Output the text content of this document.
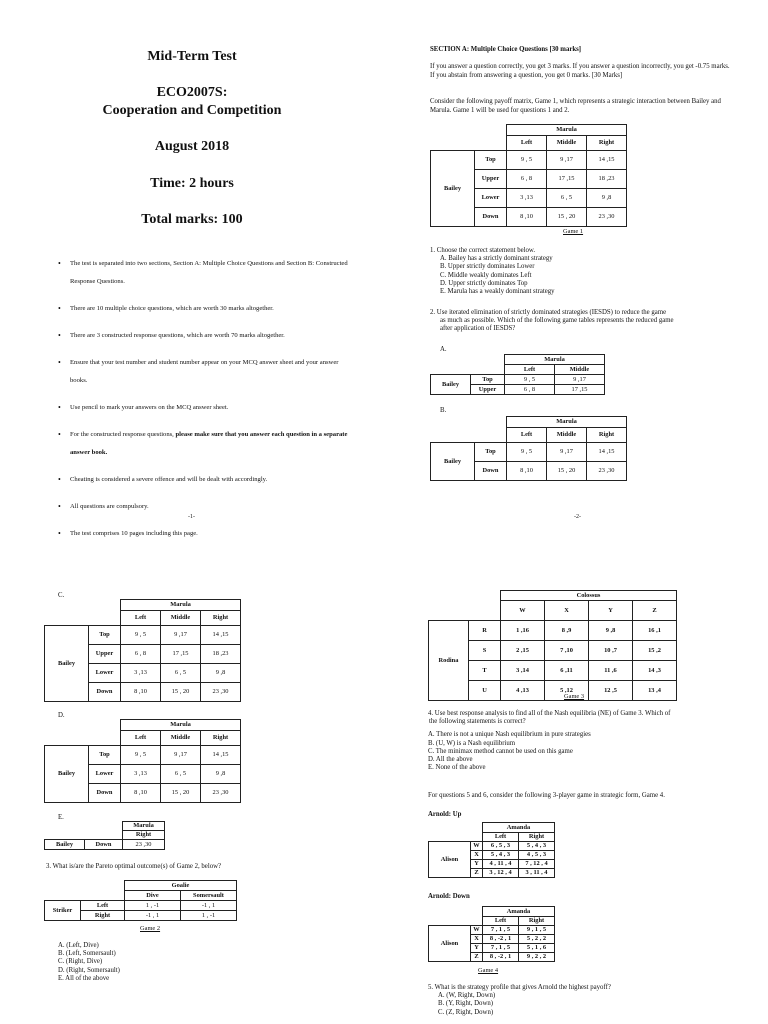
Mid-Term Test
ECO2007S:
Cooperation and Competition
August 2018
Time: 2 hours
Total marks: 100
• The test is separated into two sections, Section A: Multiple Choice Questions and Section B: Constructed Response Questions.
• There are 10 multiple choice questions, which are worth 30 marks altogether.
• There are 3 constructed response questions, which are worth 70 marks altogether.
• Ensure that your test number and student number appear on your MCQ answer sheet and your answer books.
• Use pencil to mark your answers on the MCQ answer sheet.
• For the constructed response questions, please make sure that you answer each question in a separate answer book.
• Cheating is considered a severe offence and will be dealt with accordingly.
• All questions are compulsory.
• The test comprises 10 pages including this page.
-1-
SECTION A: Multiple Choice Questions [30 marks]
If you answer a question correctly, you get 3 marks. If you answer a question incorrectly, you get -0.75 marks. If you abstain from answering a question, you get 0 marks. [30 Marks]
Consider the following payoff matrix, Game 1, which represents a strategic interaction between Bailey and Marula. Game 1 will be used for questions 1 and 2.
		Marula		
		Left	Middle	Right
Bailey	Top	9 , 5	9 ,17	14 ,15
	Upper	6 , 8	17 ,15	18 ,23
	Lower	3 ,13	6 , 5	9 ,8
	Down	8 ,10	15 , 20	23 ,30
Game 1
1. Choose the correct statement below.
A. Bailey has a strictly dominant strategy
B. Upper strictly dominates Lower
C. Middle weakly dominates Left
D. Upper strictly dominates Top
E. Marula has a weakly dominant strategy
2. Use iterated elimination of strictly dominated strategies (IESDS) to reduce the game
as much as possible. Which of the following game tables represents the reduced game
after application of IESDS?
A.
		Marula	
		Left	Middle
Bailey	Top	9 , 5	9 ,17
	Upper	6 , 8	17 ,15
B.
		Marula		
		Left	Middle	Right
Bailey	Top	9 , 5	9 ,17	14 ,15
	Down	8 ,10	15 , 20	23 ,30
-2-
C.
		Marula		
		Left	Middle	Right
Bailey	Top	9 , 5	9 ,17	14 ,15
	Upper	6 , 8	17 ,15	18 ,23
	Lower	3 ,13	6 , 5	9 ,8
	Down	8 ,10	15 , 20	23 ,30
D.
		Marula		
		Left	Middle	Right
Bailey	Top	9 , 5	9 ,17	14 ,15
	Lower	3 ,13	6 , 5	9 ,8
	Down	8 ,10	15 , 20	23 ,30
E.
		Marula
		Right
Bailey	Down	23 ,30
3. What is/are the Pareto optimal outcome(s) of Game 2, below?
		Goalie	
		Dive	Somersault
Striker	Left	1 , -1	-1 , 1
	Right	-1 , 1	1 , -1
Game 2
A. (Left, Dive)
B. (Left, Somersault)
C. (Right, Dive)
D. (Right, Somersault)
E. All of the above
		Colossus			
		W	X	Y	Z
Rodina	R	1 ,16	8 ,9	9 ,8	16 ,1
	S	2 ,15	7 ,10	10 ,7	15 ,2
	T	3 ,14	6 ,11	11 ,6	14 ,3
	U	4 ,13	5 ,12	12 ,5	13 ,4
Game 3
4. Use best response analysis to find all of the Nash equilibria (NE) of Game 3. Which of
the following statements is correct?
A. There is not a unique Nash equilibrium in pure strategies
B. (U, W) is a Nash equilibrium
C. The minimax method cannot be used on this game
D. All the above
E. None of the above
For questions 5 and 6, consider the following 3-player game in strategic form, Game 4.
Arnold: Up
		Amanda	
		Left	Right
Alison	W	6 , 5 , 3	5 , 4 , 3
	X	5 , 4 , 3	4 , 5 , 3
	Y	4 , 11 , 4	7 , 12 , 4
	Z	3 , 12 , 4	3 , 11 , 4
Arnold: Down
		Amanda	
		Left	Right
Alison	W	7 , 1 , 5	9 , 1 , 5
	X	8 , -2 , 1	5 , 2 , 2
	Y	7 , 1 , 5	5 , 1 , 6
	Z	8 , -2 , 1	9 , 2 , 2
Game 4
5. What is the strategy profile that gives Arnold the highest payoff?
A. (W, Right, Down)
B. (Y, Right, Down)
C. (Z, Right, Down)
